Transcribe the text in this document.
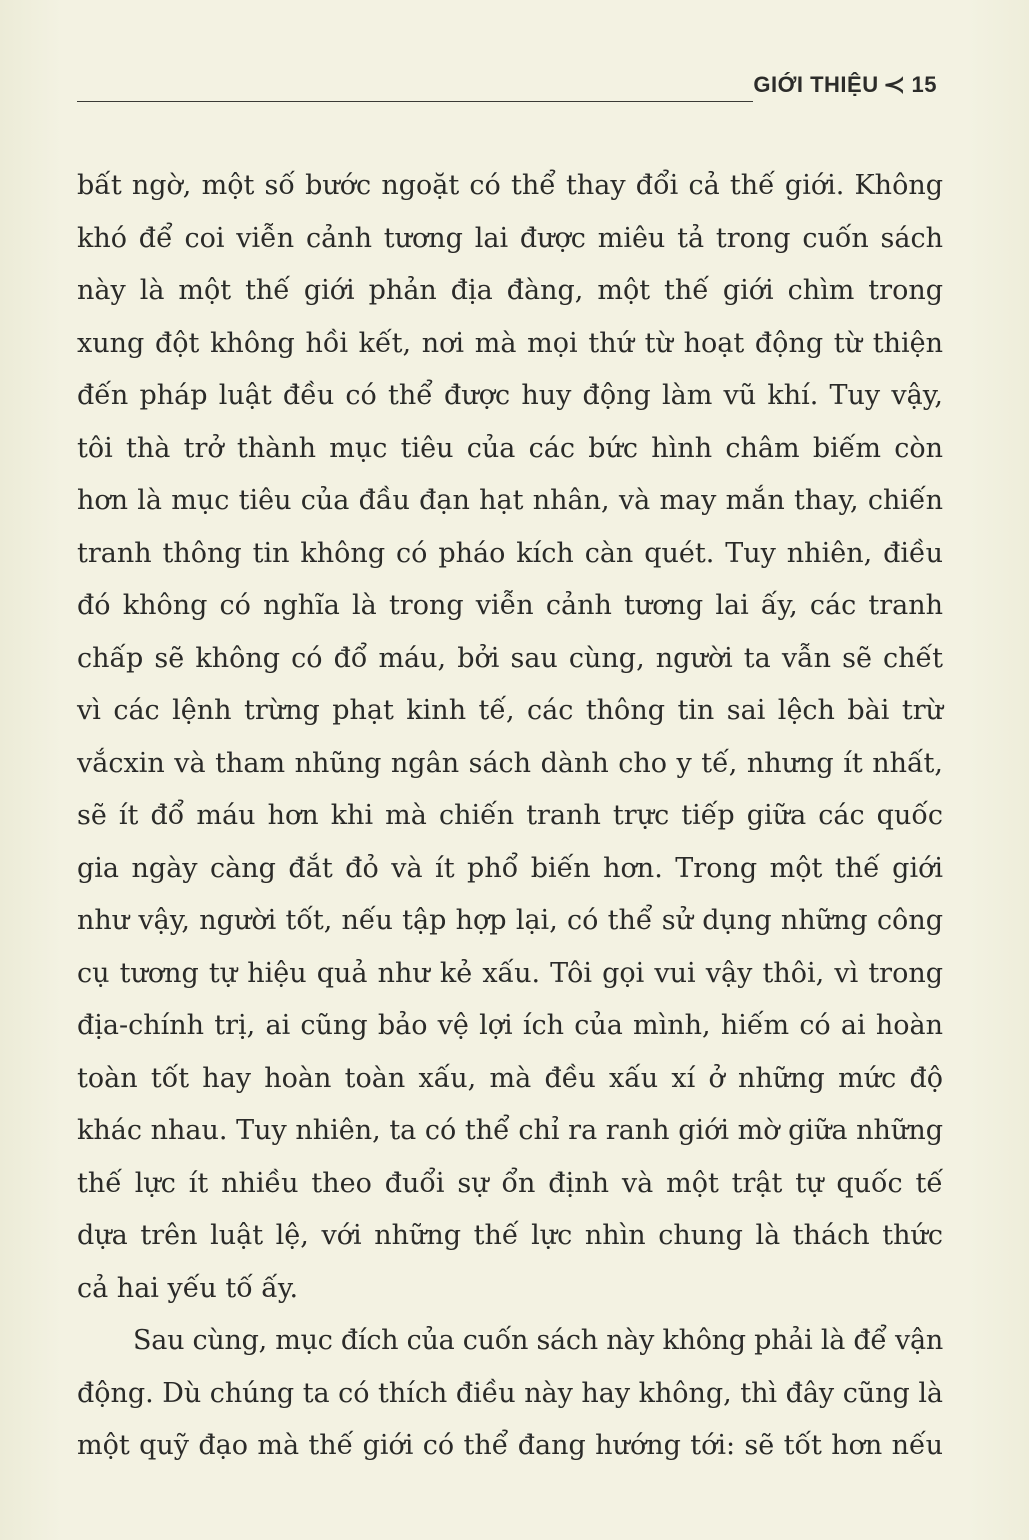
GIỚI THIỆU ≺ 15
bất ngờ, một số bước ngoặt có thể thay đổi cả thế giới. Không
khó để coi viễn cảnh tương lai được miêu tả trong cuốn sách
này là một thế giới phản địa đàng, một thế giới chìm trong
xung đột không hồi kết, nơi mà mọi thứ từ hoạt động từ thiện
đến pháp luật đều có thể được huy động làm vũ khí. Tuy vậy,
tôi thà trở thành mục tiêu của các bức hình châm biếm còn
hơn là mục tiêu của đầu đạn hạt nhân, và may mắn thay, chiến
tranh thông tin không có pháo kích càn quét. Tuy nhiên, điều
đó không có nghĩa là trong viễn cảnh tương lai ấy, các tranh
chấp sẽ không có đổ máu, bởi sau cùng, người ta vẫn sẽ chết
vì các lệnh trừng phạt kinh tế, các thông tin sai lệch bài trừ
vắcxin và tham nhũng ngân sách dành cho y tế, nhưng ít nhất,
sẽ ít đổ máu hơn khi mà chiến tranh trực tiếp giữa các quốc
gia ngày càng đắt đỏ và ít phổ biến hơn. Trong một thế giới
như vậy, người tốt, nếu tập hợp lại, có thể sử dụng những công
cụ tương tự hiệu quả như kẻ xấu. Tôi gọi vui vậy thôi, vì trong
địa-chính trị, ai cũng bảo vệ lợi ích của mình, hiếm có ai hoàn
toàn tốt hay hoàn toàn xấu, mà đều xấu xí ở những mức độ
khác nhau. Tuy nhiên, ta có thể chỉ ra ranh giới mờ giữa những
thế lực ít nhiều theo đuổi sự ổn định và một trật tự quốc tế
dựa trên luật lệ, với những thế lực nhìn chung là thách thức
cả hai yếu tố ấy.
Sau cùng, mục đích của cuốn sách này không phải là để vận
động. Dù chúng ta có thích điều này hay không, thì đây cũng là
một quỹ đạo mà thế giới có thể đang hướng tới: sẽ tốt hơn nếu
